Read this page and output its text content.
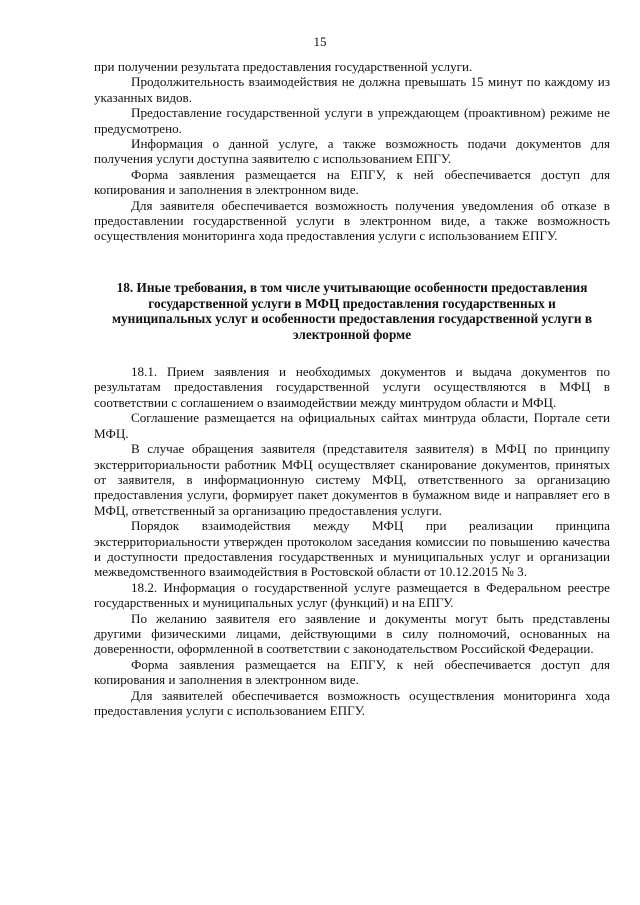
15

при получении результата предоставления государственной услуги.

Продолжительность взаимодействия не должна превышать 15 минут по каждому из указанных видов.

Предоставление государственной услуги в упреждающем (проактивном) режиме не предусмотрено.

Информация о данной услуге, а также возможность подачи документов для получения услуги доступна заявителю с использованием ЕПГУ.

Форма заявления размещается на ЕПГУ, к ней обеспечивается доступ для копирования и заполнения в электронном виде.

Для заявителя обеспечивается возможность получения уведомления об отказе в предоставлении государственной услуги в электронном виде, а также возможность осуществления мониторинга хода предоставления услуги с использованием ЕПГУ.

18. Иные требования, в том числе учитывающие особенности предоставления государственной услуги в МФЦ предоставления государственных и муниципальных услуг и особенности предоставления государственной услуги в электронной форме

18.1. Прием заявления и необходимых документов и выдача документов по результатам предоставления государственной услуги осуществляются в МФЦ в соответствии с соглашением о взаимодействии между минтрудом области и МФЦ.

Соглашение размещается на официальных сайтах минтруда области, Портале сети МФЦ.

В случае обращения заявителя (представителя заявителя) в МФЦ по принципу экстерриториальности работник МФЦ осуществляет сканирование документов, принятых от заявителя, в информационную систему МФЦ, ответственного за организацию предоставления услуги, формирует пакет документов в бумажном виде и направляет его в МФЦ, ответственный за организацию предоставления услуги.

Порядок взаимодействия между МФЦ при реализации принципа экстерриториальности утвержден протоколом заседания комиссии по повышению качества и доступности предоставления государственных и муниципальных услуг и организации межведомственного взаимодействия в Ростовской области от 10.12.2015 № 3.

18.2. Информация о государственной услуге размещается в Федеральном реестре государственных и муниципальных услуг (функций) и на ЕПГУ.

По желанию заявителя его заявление и документы могут быть представлены другими физическими лицами, действующими в силу полномочий, основанных на доверенности, оформленной в соответствии с законодательством Российской Федерации.

Форма заявления размещается на ЕПГУ, к ней обеспечивается доступ для копирования и заполнения в электронном виде.

Для заявителей обеспечивается возможность осуществления мониторинга хода предоставления услуги с использованием ЕПГУ.
